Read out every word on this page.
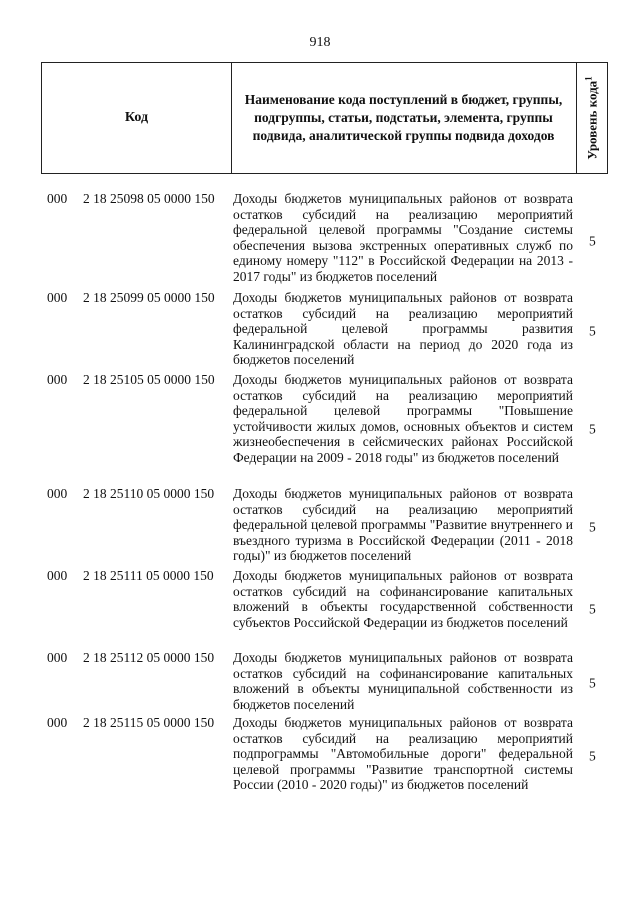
918
Код
Наименование кода поступлений в бюджет, группы, подгруппы, статьи, подстатьи, элемента, группы подвида, аналитической группы подвида доходов	Уровень кода$^1$
000 2 18 25098 05 0000 150 Доходы бюджетов муниципальных районов от возврата остатков субсидий на реализацию мероприятий федеральной целевой программы "Создание системы обеспечения вызова экстренных оперативных служб по единому номеру "112" в Российской Федерации на 2013 - 2017 годы" из бюджетов поселений
5
000 2 18 25099 05 0000 150 Доходы бюджетов муниципальных районов от возврата остатков субсидий на реализацию мероприятий федеральной целевой программы развития Калининградской области на период до 2020 года из бюджетов поселений
5
000 2 18 25105 05 0000 150 Доходы бюджетов муниципальных районов от возврата остатков субсидий на реализацию мероприятий федеральной целевой программы "Повышение устойчивости жилых домов, основных объектов и систем жизнеобеспечения в сейсмических районах Российской Федерации на 2009 - 2018 годы" из бюджетов поселений
5
000 2 18 25110 05 0000 150 Доходы бюджетов муниципальных районов от возврата остатков субсидий на реализацию мероприятий федеральной целевой программы "Развитие внутреннего и въездного туризма в Российской Федерации (2011 - 2018 годы)" из бюджетов поселений
5
000 2 18 25111 05 0000 150 Доходы бюджетов муниципальных районов от возврата остатков субсидий на софинансирование капитальных вложений в объекты государственной собственности субъектов Российской Федерации из бюджетов поселений
5
000 2 18 25112 05 0000 150 Доходы бюджетов муниципальных районов от возврата остатков субсидий на софинансирование капитальных вложений в объекты муниципальной собственности из бюджетов поселений
5
000 2 18 25115 05 0000 150 Доходы бюджетов муниципальных районов от возврата остатков субсидий на реализацию мероприятий подпрограммы "Автомобильные дороги" федеральной целевой программы "Развитие транспортной системы России (2010 - 2020 годы)" из бюджетов поселений
5
